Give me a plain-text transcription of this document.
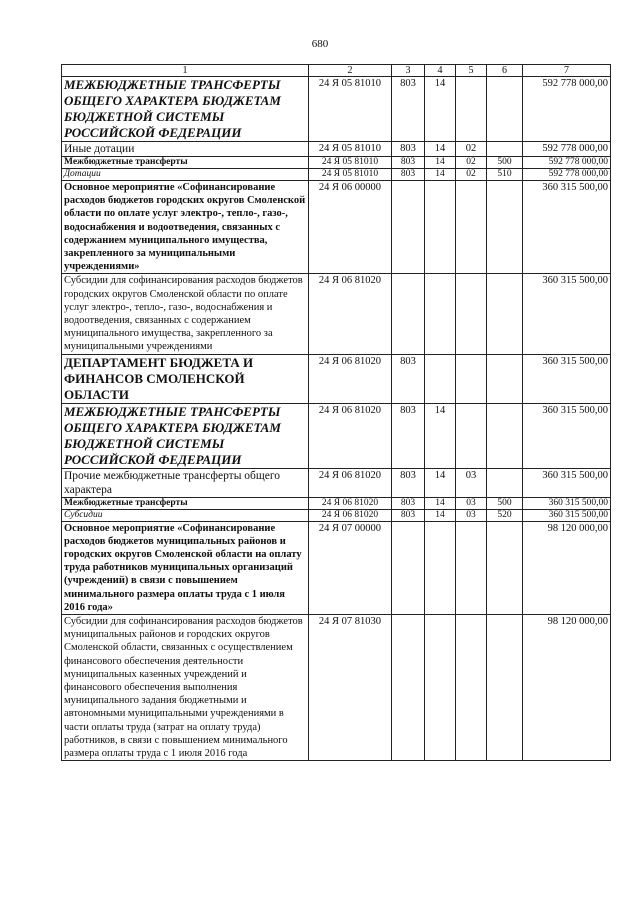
680
1	2	3	4	5	6	7
МЕЖБЮДЖЕТНЫЕ ТРАНСФЕРТЫ ОБЩЕГО ХАРАКТЕРА БЮДЖЕТАМ БЮДЖЕТНОЙ СИСТЕМЫ РОССИЙСКОЙ ФЕДЕРАЦИИ	24 Я 05 81010	803	14			592 778 000,00
Иные дотации	24 Я 05 81010	803	14	02		592 778 000,00
Межбюджетные трансферты	24 Я 05 81010	803	14	02	500	592 778 000,00
Дотации	24 Я 05 81010	803	14	02	510	592 778 000,00
Основное мероприятие «Софинансирование расходов бюджетов городских округов Смоленской области по оплате услуг электро-, тепло-, газо-, водоснабжения и водоотведения, связанных с содержанием муниципального имущества, закрепленного за муниципальными учреждениями»	24 Я 06 00000					360 315 500,00
Субсидии для софинансирования расходов бюджетов городских округов Смоленской области по оплате услуг электро-, тепло-, газо-, водоснабжения и водоотведения, связанных с содержанием муниципального имущества, закрепленного за муниципальными учреждениями	24 Я 06 81020					360 315 500,00
ДЕПАРТАМЕНТ БЮДЖЕТА И ФИНАНСОВ СМОЛЕНСКОЙ ОБЛАСТИ	24 Я 06 81020	803				360 315 500,00
МЕЖБЮДЖЕТНЫЕ ТРАНСФЕРТЫ ОБЩЕГО ХАРАКТЕРА БЮДЖЕТАМ БЮДЖЕТНОЙ СИСТЕМЫ РОССИЙСКОЙ ФЕДЕРАЦИИ	24 Я 06 81020	803	14			360 315 500,00
Прочие межбюджетные трансферты общего характера	24 Я 06 81020	803	14	03		360 315 500,00
Межбюджетные трансферты	24 Я 06 81020	803	14	03	500	360 315 500,00
Субсидии	24 Я 06 81020	803	14	03	520	360 315 500,00
Основное мероприятие «Софинансирование расходов бюджетов муниципальных районов и городских округов Смоленской области на оплату труда работников муниципальных организаций (учреждений) в связи с повышением минимального размера оплаты труда с 1 июля 2016 года»	24 Я 07 00000					98 120 000,00
Субсидии для софинансирования расходов бюджетов муниципальных районов и городских округов Смоленской области, связанных с осуществлением финансового обеспечения деятельности муниципальных казенных учреждений и финансового обеспечения выполнения муниципального задания бюджетными и автономными муниципальными учреждениями в части оплаты труда (затрат на оплату труда) работников, в связи с повышением минимального размера оплаты труда с 1 июля 2016 года	24 Я 07 81030					98 120 000,00
